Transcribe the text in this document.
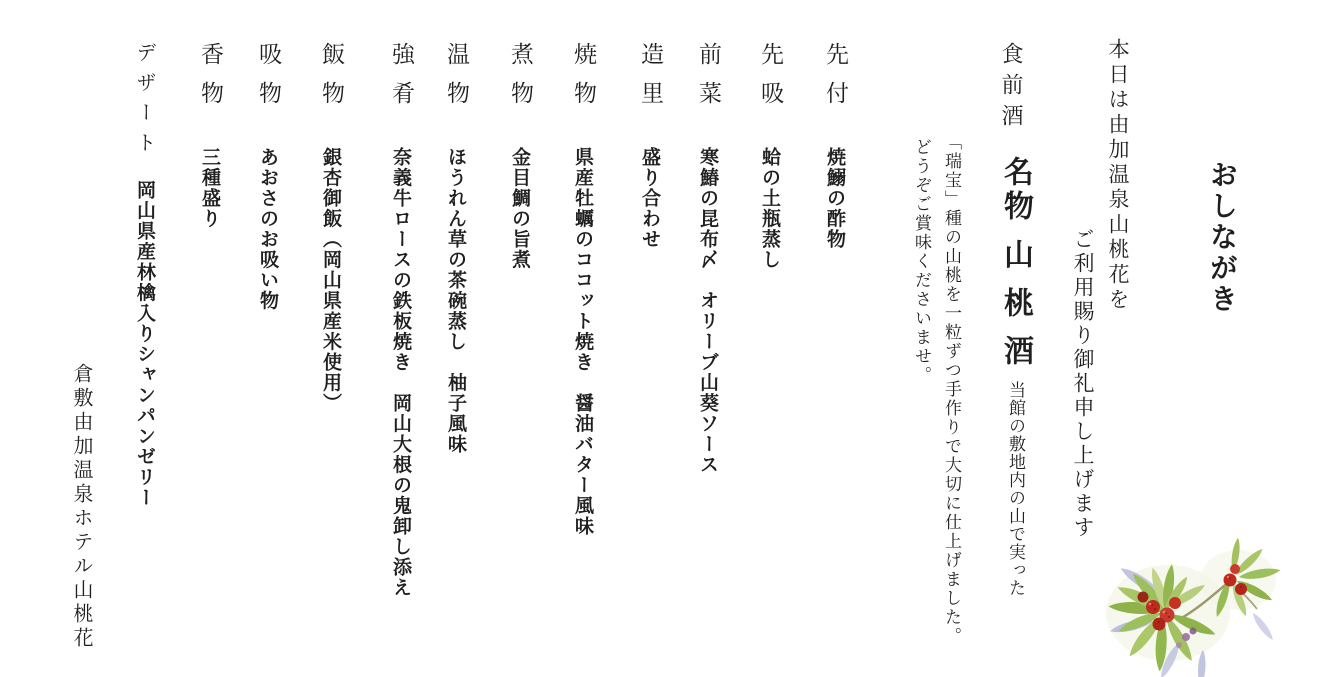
おしながき
本日は由加温泉山桃花を
ご利用賜り御礼申し上げます
食前酒
名物 山 桃 酒当館の敷地内の山で実った
「瑞宝」種の山桃を一粒ずつ手作りで大切に仕上げました。
どうぞご賞味くださいませ。
先付焼鰯の酢物
先吸蛤の土瓶蒸し
前菜寒鰆の昆布〆　オリーブ山葵ソース
造里盛り合わせ
焼物県産牡蠣のココット焼き　醤油バター風味
煮物金目鯛の旨煮
温物ほうれん草の茶碗蒸し　柚子風味
強肴奈義牛ロースの鉄板焼き　岡山大根の鬼卸し添え
飯物銀杏御飯（岡山県産米使用）
吸物あおさのお吸い物
香物三種盛り
デザート岡山県産林檎入りシャンパンゼリー
倉敷由加温泉ホテル山桃花
